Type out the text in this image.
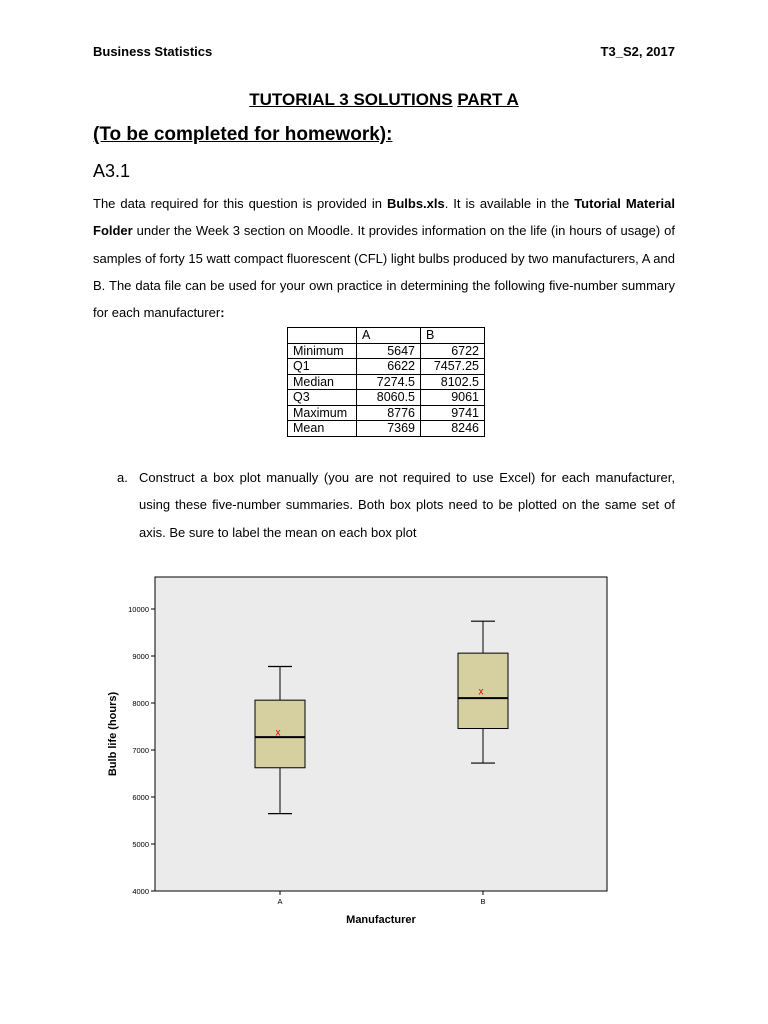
Business Statistics	T3_S2, 2017
TUTORIAL 3 SOLUTIONS PART A
(To be completed for homework):
A3.1
The data required for this question is provided in Bulbs.xls. It is available in the Tutorial Material Folder under the Week 3 section on Moodle. It provides information on the life (in hours of usage) of samples of forty 15 watt compact fluorescent (CFL) light bulbs produced by two manufacturers, A and B. The data file can be used for your own practice in determining the following five-number summary for each manufacturer:
	A	B
Minimum	5647	6722
Q1	6622	7457.25
Median	7274.5	8102.5
Q3	8060.5	9061
Maximum	8776	9741
Mean	7369	8246
a. Construct a box plot manually (you are not required to use Excel) for each manufacturer, using these five-number summaries. Both box plots need to be plotted on the same set of axis. Be sure to label the mean on each box plot
4000
5000
6000
7000
8000
9000
10000
A	B
x
x
Manufacturer
Bulb life (hours)
